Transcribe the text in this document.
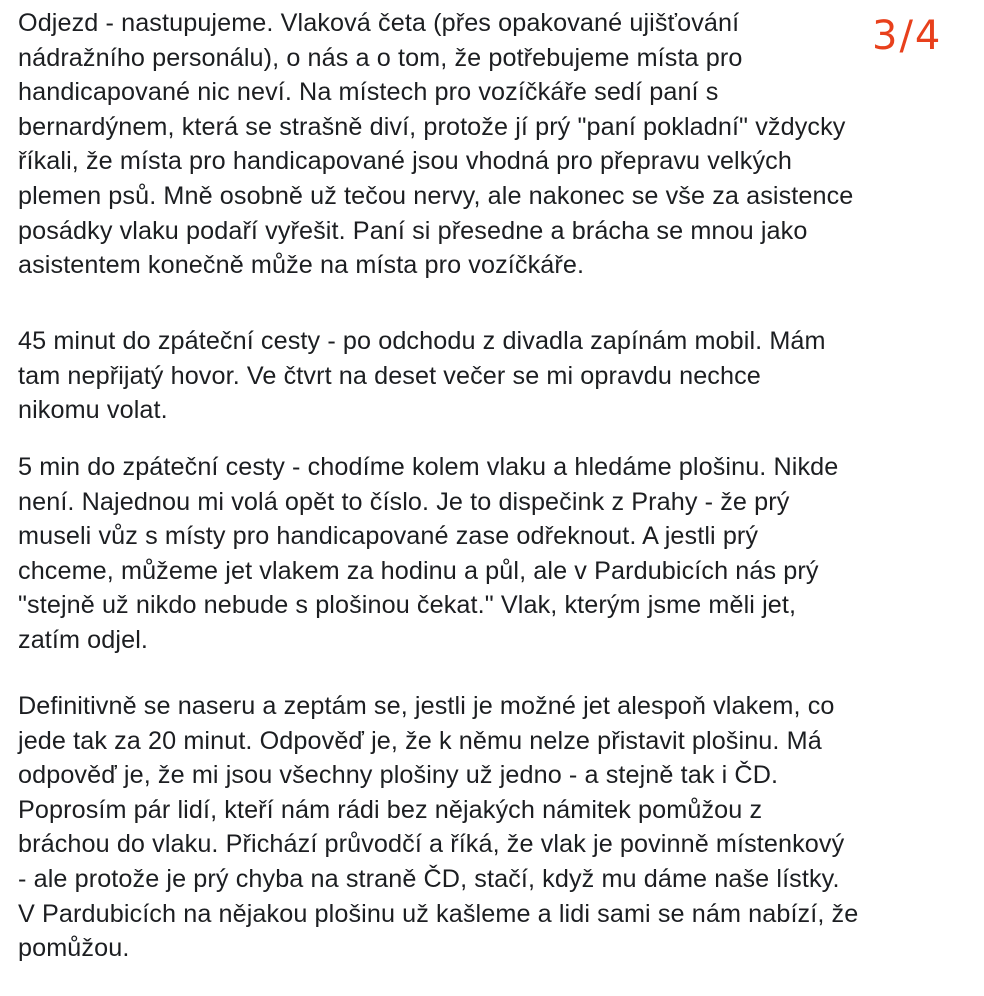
Odjezd - nastupujeme. Vlaková četa (přes opakované ujišťování
nádražního personálu), o nás a o tom, že potřebujeme místa pro
handicapované nic neví. Na místech pro vozíčkáře sedí paní s
bernardýnem, která se strašně diví, protože jí prý "paní pokladní" vždycky
říkali, že místa pro handicapované jsou vhodná pro přepravu velkých
plemen psů. Mně osobně už tečou nervy, ale nakonec se vše za asistence
posádky vlaku podaří vyřešit. Paní si přesedne a brácha se mnou jako
asistentem konečně může na místa pro vozíčkáře.
45 minut do zpáteční cesty - po odchodu z divadla zapínám mobil. Mám
tam nepřijatý hovor. Ve čtvrt na deset večer se mi opravdu nechce
nikomu volat.
5 min do zpáteční cesty - chodíme kolem vlaku a hledáme plošinu. Nikde
není. Najednou mi volá opět to číslo. Je to dispečink z Prahy - že prý
museli vůz s místy pro handicapované zase odřeknout. A jestli prý
chceme, můžeme jet vlakem za hodinu a půl, ale v Pardubicích nás prý
"stejně už nikdo nebude s plošinou čekat." Vlak, kterým jsme měli jet,
zatím odjel.
Definitivně se naseru a zeptám se, jestli je možné jet alespoň vlakem, co
jede tak za 20 minut. Odpověď je, že k němu nelze přistavit plošinu. Má
odpověď je, že mi jsou všechny plošiny už jedno - a stejně tak i ČD.
Poprosím pár lidí, kteří nám rádi bez nějakých námitek pomůžou z
bráchou do vlaku. Přichází průvodčí a říká, že vlak je povinně místenkový
- ale protože je prý chyba na straně ČD, stačí, když mu dáme naše lístky.
V Pardubicích na nějakou plošinu už kašleme a lidi sami se nám nabízí, že
pomůžou.
3/4
